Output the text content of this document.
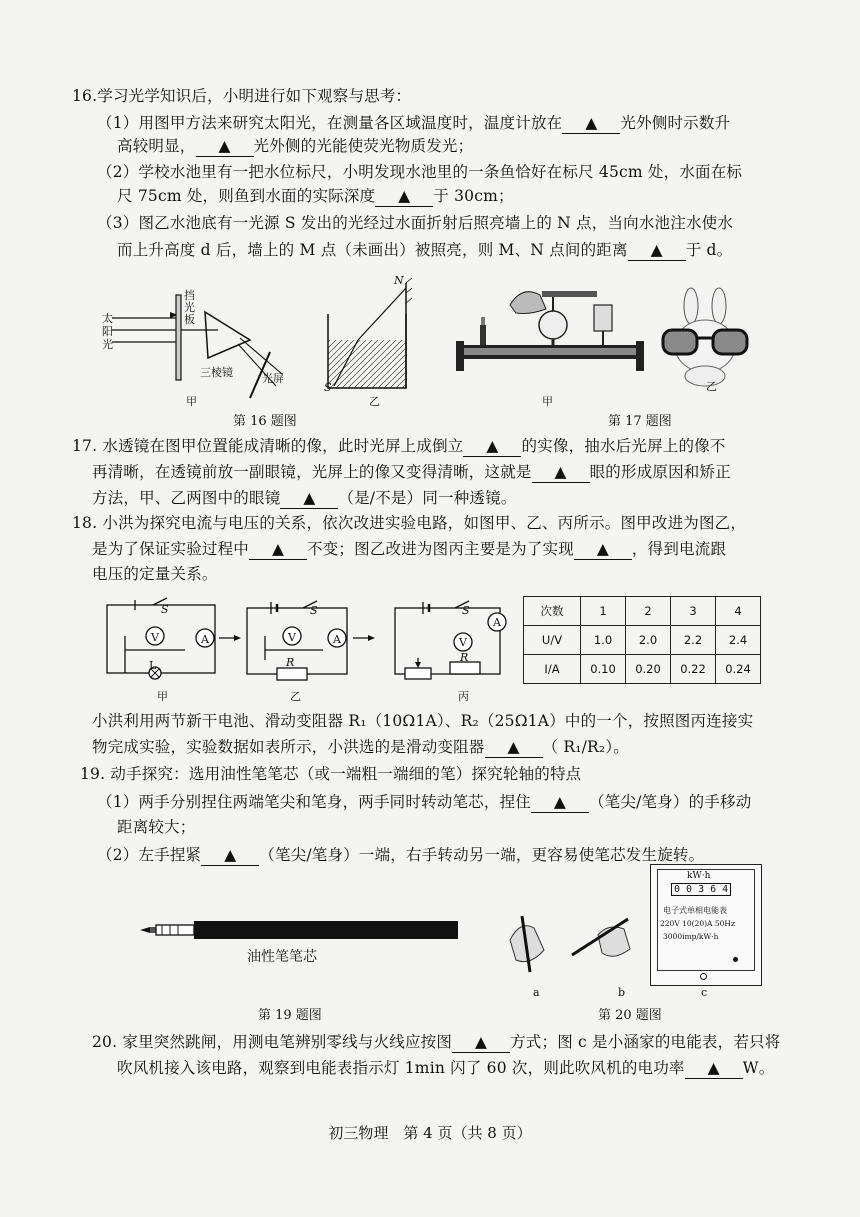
16.学习光学知识后，小明进行如下观察与思考：
（1）用图甲方法来研究太阳光，在测量各区域温度时，温度计放在 ▲ 光外侧时示数升
高较明显， ▲ 光外侧的光能使荧光物质发光；
（2）学校水池里有一把水位标尺，小明发现水池里的一条鱼恰好在标尺 45cm 处，水面在标
尺 75cm 处，则鱼到水面的实际深度 ▲ 于 30cm；
（3）图乙水池底有一光源 S 发出的光经过水面折射后照亮墙上的 N 点，当向水池注水使水
而上升高度 d 后，墙上的 M 点（未画出）被照亮，则 M、N 点间的距离 ▲ 于 d。
太阳光
挡光板
三棱镜	光屏
甲
N
S
乙
第 16 题图
甲
乙
第 17 题图
17. 水透镜在图甲位置能成清晰的像，此时光屏上成倒立 ▲ 的实像，抽水后光屏上的像不
再清晰，在透镜前放一副眼镜，光屏上的像又变得清晰，这就是 ▲ 眼的形成原因和矫正
方法，甲、乙两图中的眼镜 ▲ （是/不是）同一种透镜。
18. 小洪为探究电流与电压的关系，依次改进实验电路，如图甲、乙、丙所示。图甲改进为图乙，
是为了保证实验过程中 ▲ 不变；图乙改进为图丙主要是为了实现 ▲ ，得到电流跟
电压的定量关系。
S
V	A
L
甲
S
V	A
R
乙
S
A
V
R
丙
次数	1	2	3	4
U/V	1.0	2.0	2.2	2.4
I/A	0.10	0.20	0.22	0.24
小洪利用两节新干电池、滑动变阻器 R₁（10Ω1A）、R₂（25Ω1A）中的一个，按照图丙连接实
物完成实验，实验数据如表所示，小洪选的是滑动变阻器 ▲ （ R₁/R₂）。
19. 动手探究：选用油性笔笔芯（或一端粗一端细的笔）探究轮轴的特点
（1）两手分别捏住两端笔尖和笔身，两手同时转动笔芯，捏住 ▲ （笔尖/笔身）的手移动
距离较大；
（2）左手捏紧 ▲ （笔尖/笔身）一端，右手转动另一端，更容易使笔芯发生旋转。
油性笔笔芯
第 19 题图
a	b
kW·h
0 0 3 6 4
电子式单相电能表
220V 10(20)A 50Hz
3000imp/kW·h
c
第 20 题图
20. 家里突然跳闸，用测电笔辨别零线与火线应按图 ▲ 方式；图 c 是小涵家的电能表，若只将
吹风机接入该电路，观察到电能表指示灯 1min 闪了 60 次，则此吹风机的电功率 ▲ W。
初三物理　第 4 页（共 8 页）
